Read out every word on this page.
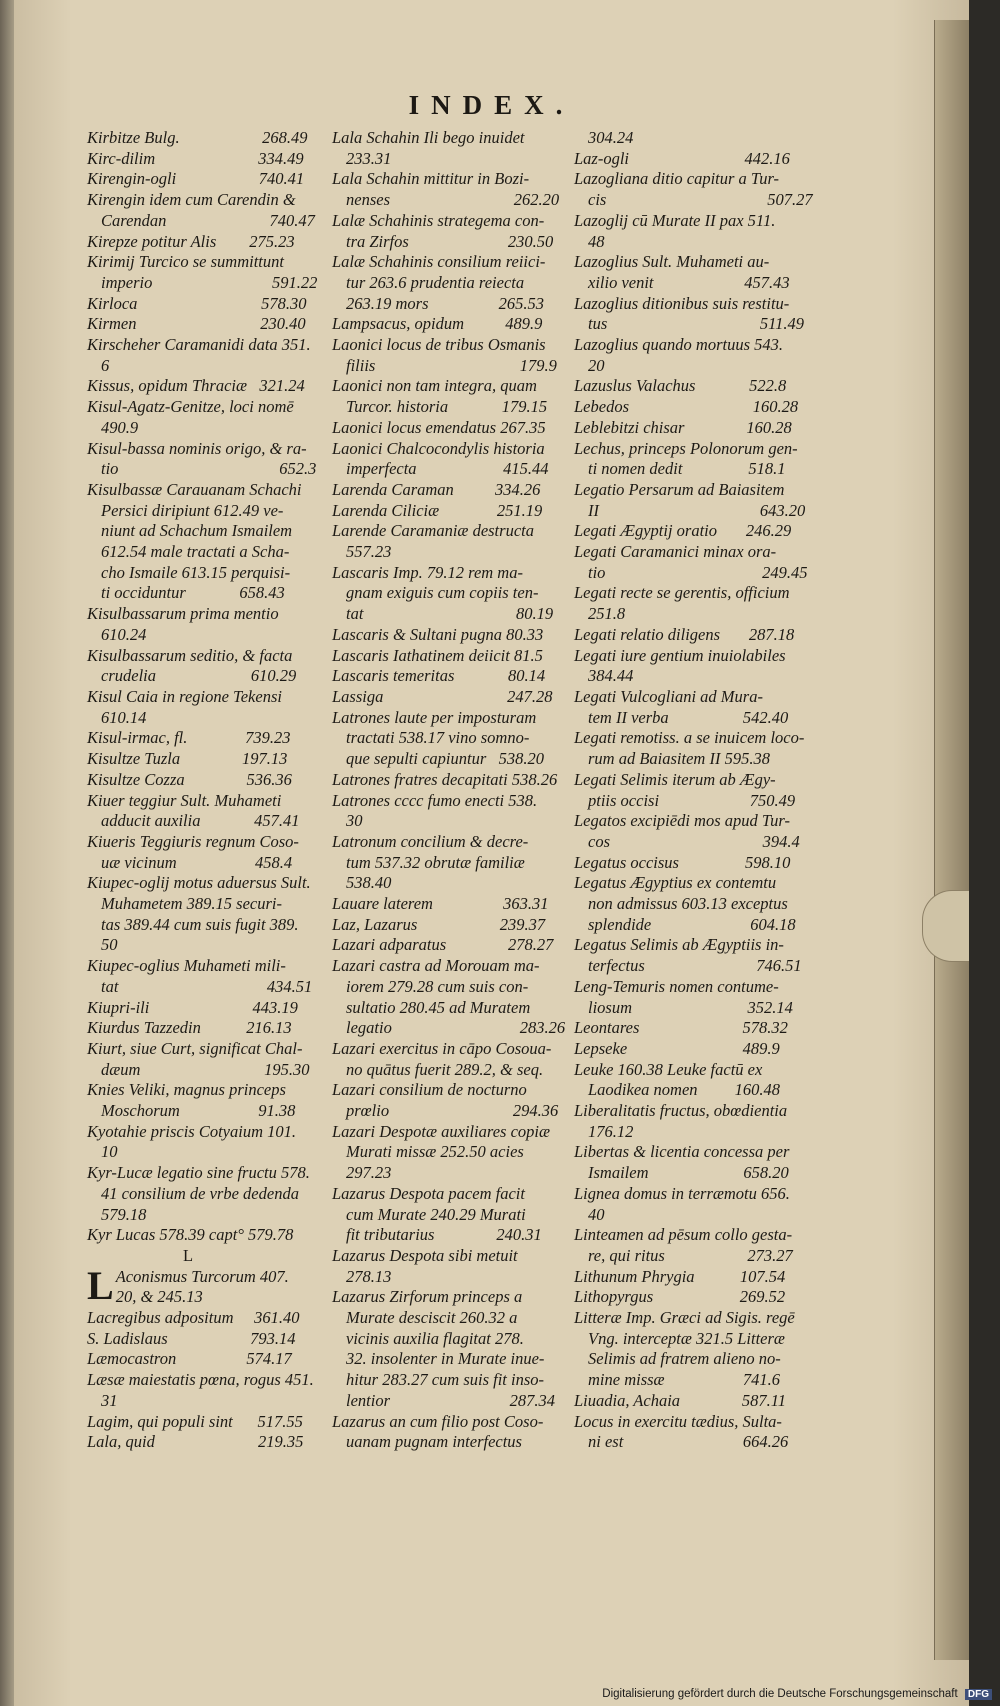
INDEX.
Kirbitze Bulg.                    268.49
Kirc-dilim                         334.49
Kirengin-ogli                    740.41
Kirengin idem cum Carendin &
Carendan                         740.47
Kirepze potitur Alis        275.23
Kirimij Turcico se summittunt
imperio                             591.22
Kirloca                              578.30
Kirmen                              230.40
Kirscheher Caramanidi data 351.
6
Kissus, opidum Thraciæ   321.24
Kisul-Agatz-Genitze, loci nomē
490.9
Kisul-bassa nominis origo, & ra-
tio                                       652.3
Kisulbassæ Carauanam Schachi
Persici diripiunt 612.49 ve-
niunt ad Schachum Ismailem
612.54 male tractati a Scha-
cho Ismaile 613.15 perquisi-
ti occiduntur             658.43
Kisulbassarum prima mentio
610.24
Kisulbassarum seditio, & facta
crudelia                       610.29
Kisul Caia in regione Tekensi
610.14
Kisul-irmac, fl.              739.23
Kisultze Tuzla               197.13
Kisultze Cozza               536.36
Kiuer teggiur Sult. Muhameti
adducit auxilia             457.41
Kiueris Teggiuris regnum Coso-
uæ vicinum                   458.4
Kiupec-oglij motus aduersus Sult.
Muhametem 389.15 securi-
tas 389.44 cum suis fugit 389.
50
Kiupec-oglius Muhameti mili-
tat                                    434.51
Kiupri-ili                         443.19
Kiurdus Tazzedin           216.13
Kiurt, siue Curt, significat Chal-
dæum                              195.30
Knies Veliki, magnus princeps
Moschorum                   91.38
Kyotahie priscis Cotyaium 101.
10
Kyr-Lucæ legatio sine fructu 578.
41 consilium de vrbe dedenda
579.18
Kyr Lucas 578.39 capt° 579.78
L
L Aconismus Turcorum 407.
20, & 245.13
Lacregibus adpositum     361.40
S. Ladislaus                    793.14
Læmocastron                 574.17
Læsæ maiestatis pœna, rogus 451.
31
Lagim, qui populi sint      517.55
Lala, quid                         219.35
Lala Schahin Ili bego inuidet
233.31
Lala Schahin mittitur in Bozi-
nenses                              262.20
Lalæ Schahinis strategema con-
tra Zirfos                        230.50
Lalæ Schahinis consilium reiici-
tur 263.6 prudentia reiecta
263.19 mors                 265.53
Lampsacus, opidum          489.9
Laonici locus de tribus Osmanis
filiis                                   179.9
Laonici non tam integra, quam
Turcor. historia             179.15
Laonici locus emendatus 267.35
Laonici Chalcocondylis historia
imperfecta                     415.44
Larenda Caraman          334.26
Larenda Ciliciæ              251.19
Larende Caramaniæ destructa
557.23
Lascaris Imp. 79.12 rem ma-
gnam exiguis cum copiis ten-
tat                                     80.19
Lascaris & Sultani pugna 80.33
Lascaris Iathatinem deiicit 81.5
Lascaris temeritas             80.14
Lassiga                              247.28
Latrones laute per imposturam
tractati 538.17 vino somno-
que sepulti capiuntur   538.20
Latrones fratres decapitati 538.26
Latrones cccc fumo enecti 538.
30
Latronum concilium & decre-
tum 537.32 obrutæ familiæ
538.40
Lauare laterem                 363.31
Laz, Lazarus                    239.37
Lazari adparatus               278.27
Lazari castra ad Morouam ma-
iorem 279.28 cum suis con-
sultatio 280.45 ad Muratem
legatio                               283.26
Lazari exercitus in cāpo Cosoua-
no quātus fuerit 289.2, & seq.
Lazari consilium de nocturno
prœlio                              294.36
Lazari Despotæ auxiliares copiæ
Murati missæ 252.50 acies
297.23
Lazarus Despota pacem facit
cum Murate 240.29 Murati
fit tributarius               240.31
Lazarus Despota sibi metuit
278.13
Lazarus Zirforum princeps a
Murate desciscit 260.32 a
vicinis auxilia flagitat 278.
32. insolenter in Murate inue-
hitur 283.27 cum suis fit inso-
lentior                             287.34
Lazarus an cum filio post Coso-
uanam pugnam interfectus
304.24
Laz-ogli                            442.16
Lazogliana ditio capitur a Tur-
cis                                       507.27
Lazoglij cū Murate II pax 511.
48
Lazoglius Sult. Muhameti au-
xilio venit                      457.43
Lazoglius ditionibus suis restitu-
tus                                     511.49
Lazoglius quando mortuus 543.
20
Lazuslus Valachus             522.8
Lebedos                              160.28
Leblebitzi chisar               160.28
Lechus, princeps Polonorum gen-
ti nomen dedit                518.1
Legatio Persarum ad Baiasitem
II                                       643.20
Legati Ægyptij oratio       246.29
Legati Caramanici minax ora-
tio                                      249.45
Legati recte se gerentis, officium
251.8
Legati relatio diligens       287.18
Legati iure gentium inuiolabiles
384.44
Legati Vulcogliani ad Mura-
tem II verba                  542.40
Legati remotiss. a se inuicem loco-
rum ad Baiasitem II 595.38
Legati Selimis iterum ab Ægy-
ptiis occisi                      750.49
Legatos excipiēdi mos apud Tur-
cos                                     394.4
Legatus occisus                598.10
Legatus Ægyptius ex contemtu
non admissus 603.13 exceptus
splendide                        604.18
Legatus Selimis ab Ægyptiis in-
terfectus                           746.51
Leng-Temuris nomen contume-
liosum                            352.14
Leontares                         578.32
Lepseke                            489.9
Leuke 160.38 Leuke factū ex
Laodikea nomen         160.48
Liberalitatis fructus, obœdientia
176.12
Libertas & licentia concessa per
Ismailem                       658.20
Lignea domus in terræmotu 656.
40
Linteamen ad pēsum collo gesta-
re, qui ritus                    273.27
Lithunum Phrygia           107.54
Lithopyrgus                     269.52
Litteræ Imp. Græci ad Sigis. regē
Vng. interceptæ 321.5 Litteræ
Selimis ad fratrem alieno no-
mine missæ                   741.6
Liuadia, Achaia               587.11
Locus in exercitu tædius, Sulta-
ni est                             664.26
Digitalisierung gefördert durch die Deutsche Forschungsgemeinschaft DFG
